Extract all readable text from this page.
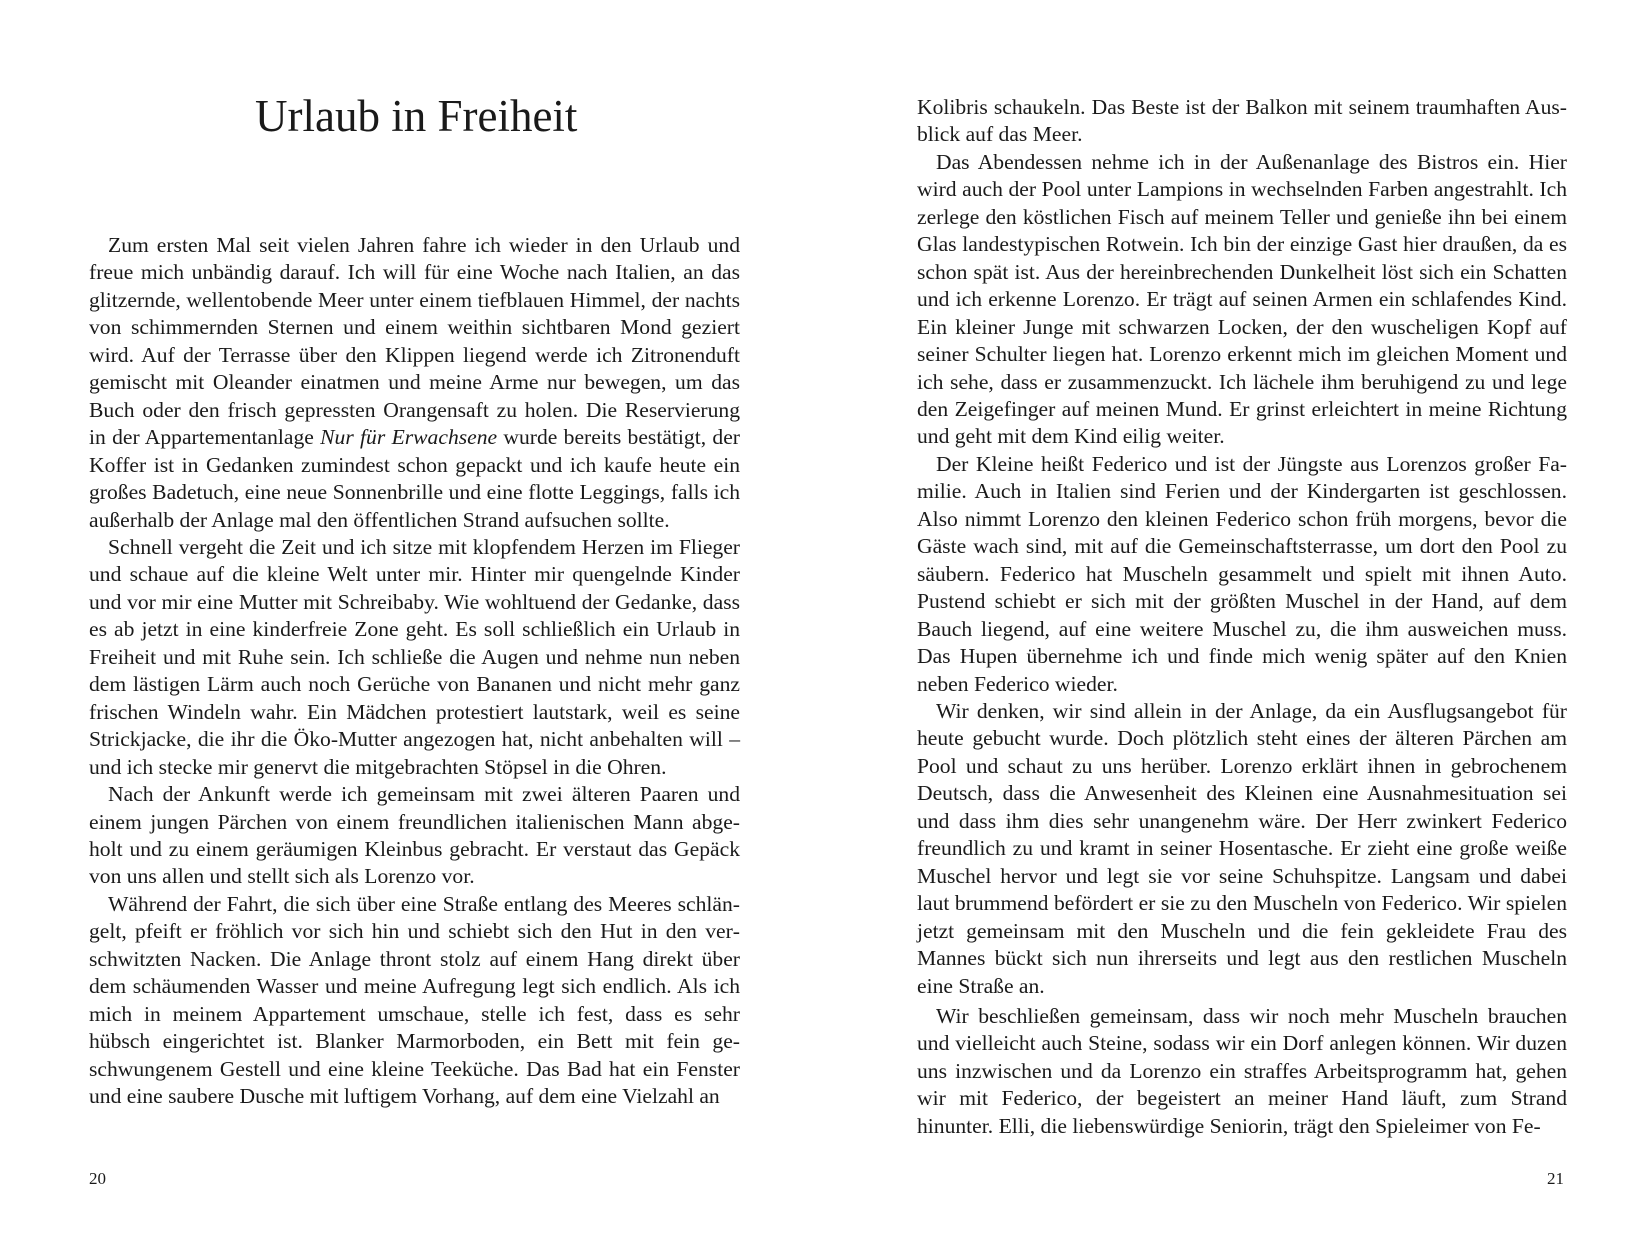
Urlaub in Freiheit

Zum ersten Mal seit vielen Jahren fahre ich wieder in den Urlaub und freue mich unbändig darauf. Ich will für eine Woche nach Italien, an das glitzernde, wellentobende Meer unter einem tiefblauen Himmel, der nachts von schimmernden Sternen und einem weithin sichtbaren Mond geziert wird. Auf der Terrasse über den Klippen liegend werde ich Zitronenduft gemischt mit Oleander einatmen und meine Arme nur bewegen, um das Buch oder den frisch gepressten Orangensaft zu holen. Die Reservierung in der Appartementanlage Nur für Erwachsene wurde bereits bestätigt, der Koffer ist in Gedanken zumindest schon gepackt und ich kaufe heute ein großes Badetuch, eine neue Sonnenbrille und eine flotte Leggings, falls ich außerhalb der Anlage mal den öffentlichen Strand aufsuchen sollte.

Schnell vergeht die Zeit und ich sitze mit klopfendem Herzen im Flieger und schaue auf die kleine Welt unter mir. Hinter mir quengelnde Kinder und vor mir eine Mutter mit Schreibaby. Wie wohltuend der Gedanke, dass es ab jetzt in eine kinderfreie Zone geht. Es soll schließlich ein Urlaub in Freiheit und mit Ruhe sein. Ich schließe die Augen und nehme nun neben dem lästigen Lärm auch noch Gerüche von Bananen und nicht mehr ganz frischen Windeln wahr. Ein Mädchen protestiert lautstark, weil es seine Strickjacke, die ihr die Öko-Mutter angezogen hat, nicht anbehalten will – und ich stecke mir genervt die mitgebrachten Stöpsel in die Ohren.

Nach der Ankunft werde ich gemeinsam mit zwei älteren Paaren und einem jungen Pärchen von einem freundlichen italienischen Mann abgeholt und zu einem geräumigen Kleinbus gebracht. Er verstaut das Gepäck von uns allen und stellt sich als Lorenzo vor.

Während der Fahrt, die sich über eine Straße entlang des Meeres schlängelt, pfeift er fröhlich vor sich hin und schiebt sich den Hut in den verschwitzten Nacken. Die Anlage thront stolz auf einem Hang direkt über dem schäumenden Wasser und meine Aufregung legt sich endlich. Als ich mich in meinem Appartement umschaue, stelle ich fest, dass es sehr hübsch eingerichtet ist. Blanker Marmorboden, ein Bett mit fein geschwungenem Gestell und eine kleine Teeküche. Das Bad hat ein Fenster und eine saubere Dusche mit luftigem Vorhang, auf dem eine Vielzahl an

20

Kolibris schaukeln. Das Beste ist der Balkon mit seinem traumhaften Ausblick auf das Meer.

Das Abendessen nehme ich in der Außenanlage des Bistros ein. Hier wird auch der Pool unter Lampions in wechselnden Farben angestrahlt. Ich zerlege den köstlichen Fisch auf meinem Teller und genieße ihn bei einem Glas landestypischen Rotwein. Ich bin der einzige Gast hier draußen, da es schon spät ist. Aus der hereinbrechenden Dunkelheit löst sich ein Schatten und ich erkenne Lorenzo. Er trägt auf seinen Armen ein schlafendes Kind. Ein kleiner Junge mit schwarzen Locken, der den wuscheligen Kopf auf seiner Schulter liegen hat. Lorenzo erkennt mich im gleichen Moment und ich sehe, dass er zusammenzuckt. Ich lächele ihm beruhigend zu und lege den Zeigefinger auf meinen Mund. Er grinst erleichtert in meine Richtung und geht mit dem Kind eilig weiter.

Der Kleine heißt Federico und ist der Jüngste aus Lorenzos großer Familie. Auch in Italien sind Ferien und der Kindergarten ist geschlossen. Also nimmt Lorenzo den kleinen Federico schon früh morgens, bevor die Gäste wach sind, mit auf die Gemeinschaftsterrasse, um dort den Pool zu säubern. Federico hat Muscheln gesammelt und spielt mit ihnen Auto. Pustend schiebt er sich mit der größten Muschel in der Hand, auf dem Bauch liegend, auf eine weitere Muschel zu, die ihm ausweichen muss. Das Hupen übernehme ich und finde mich wenig später auf den Knien neben Federico wieder.

Wir denken, wir sind allein in der Anlage, da ein Ausflugsangebot für heute gebucht wurde. Doch plötzlich steht eines der älteren Pärchen am Pool und schaut zu uns herüber. Lorenzo erklärt ihnen in gebrochenem Deutsch, dass die Anwesenheit des Kleinen eine Ausnahmesituation sei und dass ihm dies sehr unangenehm wäre. Der Herr zwinkert Federico freundlich zu und kramt in seiner Hosentasche. Er zieht eine große weiße Muschel hervor und legt sie vor seine Schuhspitze. Langsam und dabei laut brummend befördert er sie zu den Muscheln von Federico. Wir spielen jetzt gemeinsam mit den Muscheln und die fein gekleidete Frau des Mannes bückt sich nun ihrerseits und legt aus den restlichen Muscheln eine Straße an.

Wir beschließen gemeinsam, dass wir noch mehr Muscheln brauchen und vielleicht auch Steine, sodass wir ein Dorf anlegen können. Wir duzen uns inzwischen und da Lorenzo ein straffes Arbeitsprogramm hat, gehen wir mit Federico, der begeistert an meiner Hand läuft, zum Strand hinunter. Elli, die liebenswürdige Seniorin, trägt den Spieleimer von Fe-

21
